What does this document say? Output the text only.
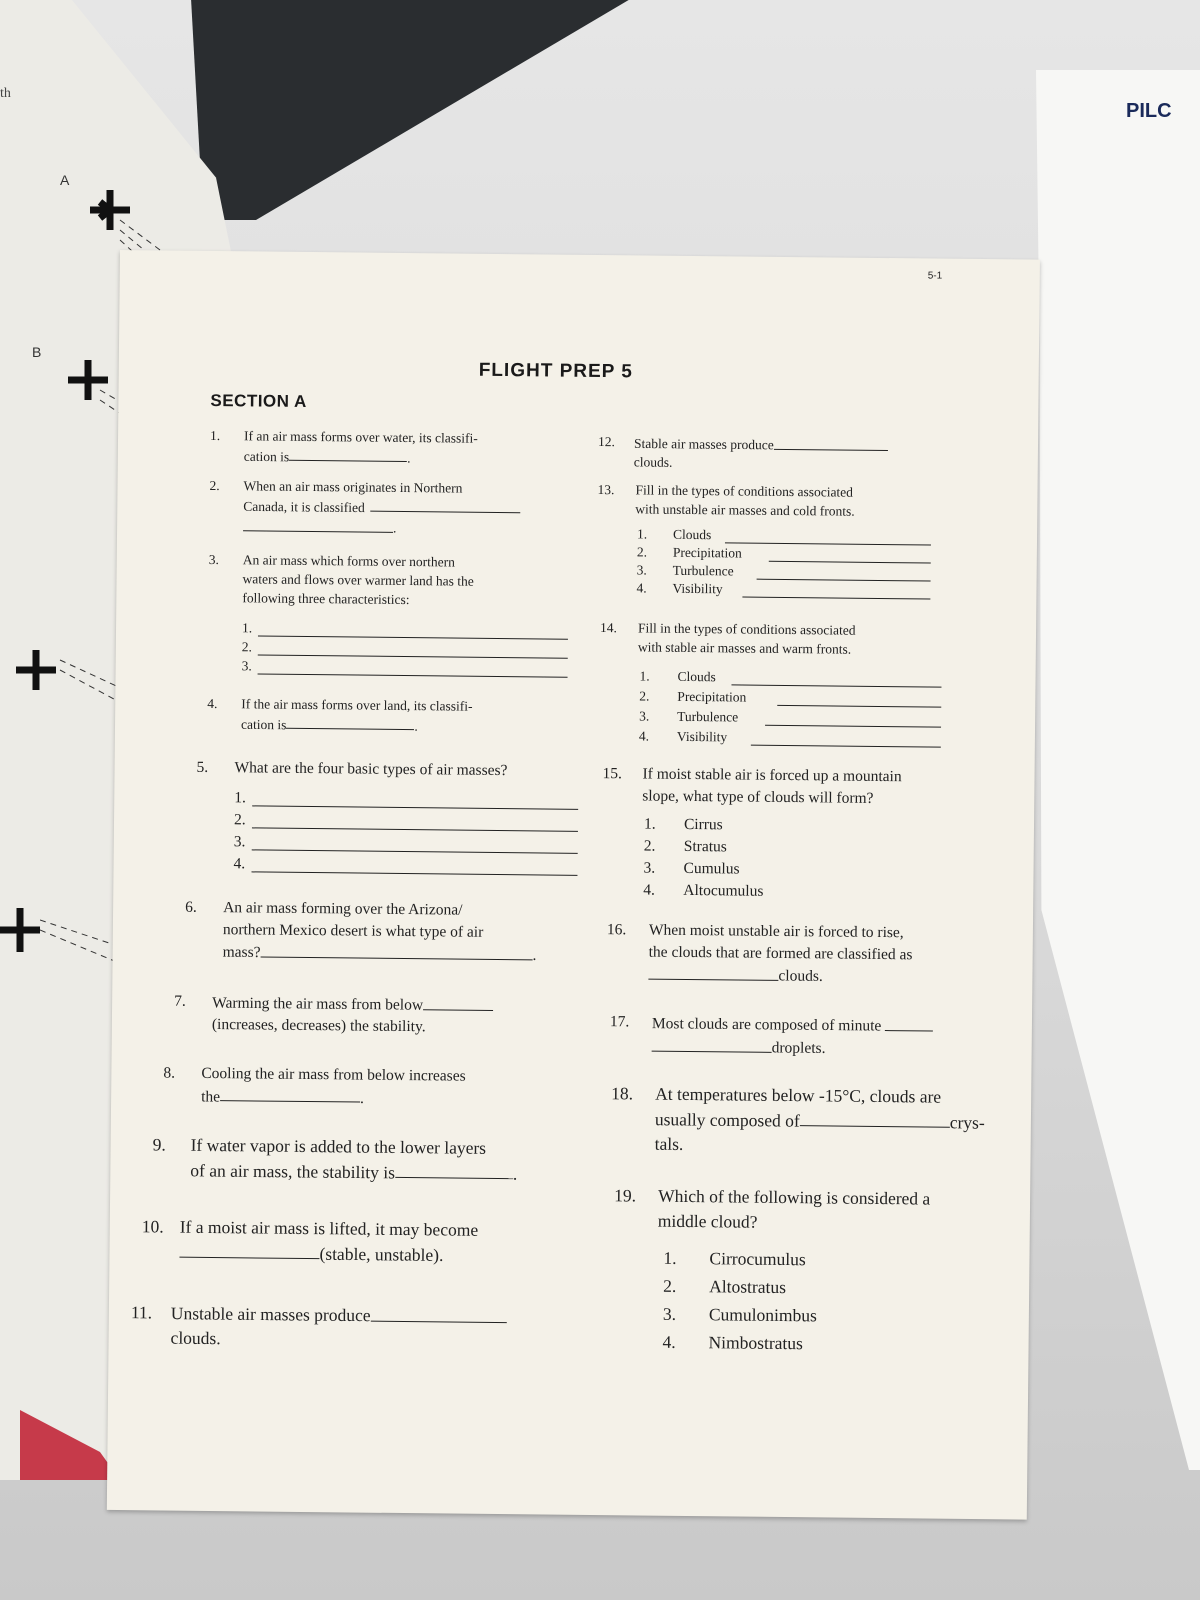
th
A
B
PILC
5-1
FLIGHT PREP 5
SECTION A
1. If an air mass forms over water, its classifi-
cation is	.
2. When an air mass originates in Northern
Canada, it is classified
.
3. An air mass which forms over northern
waters and flows over warmer land has the
following three characteristics:
1.
2.
3.
4. If the air mass forms over land, its classifi-
cation is	.
5. What are the four basic types of air masses?
1.
2.
3.
4.
6. An air mass forming over the Arizona/
northern Mexico desert is what type of air
mass?	.
7. Warming the air mass from below
(increases, decreases) the stability.
8. Cooling the air mass from below increases
the	.
9. If water vapor is added to the lower layers
of an air mass, the stability is	.
10. If a moist air mass is lifted, it may become
(stable, unstable).
11. Unstable air masses produce
clouds.
12. Stable air masses produce
clouds.
13. Fill in the types of conditions associated
with unstable air masses and cold fronts.
1. Clouds
2. Precipitation
3. Turbulence
4. Visibility
14. Fill in the types of conditions associated
with stable air masses and warm fronts.
1. Clouds
2. Precipitation
3. Turbulence
4. Visibility
15. If moist stable air is forced up a mountain
slope, what type of clouds will form?
1. Cirrus
2. Stratus
3. Cumulus
4. Altocumulus
16. When moist unstable air is forced to rise,
the clouds that are formed are classified as
clouds.
17. Most clouds are composed of minute
droplets.
18. At temperatures below -15°C, clouds are
usually composed of	crys-
tals.
19. Which of the following is considered a
middle cloud?
1. Cirrocumulus
2. Altostratus
3. Cumulonimbus
4. Nimbostratus
